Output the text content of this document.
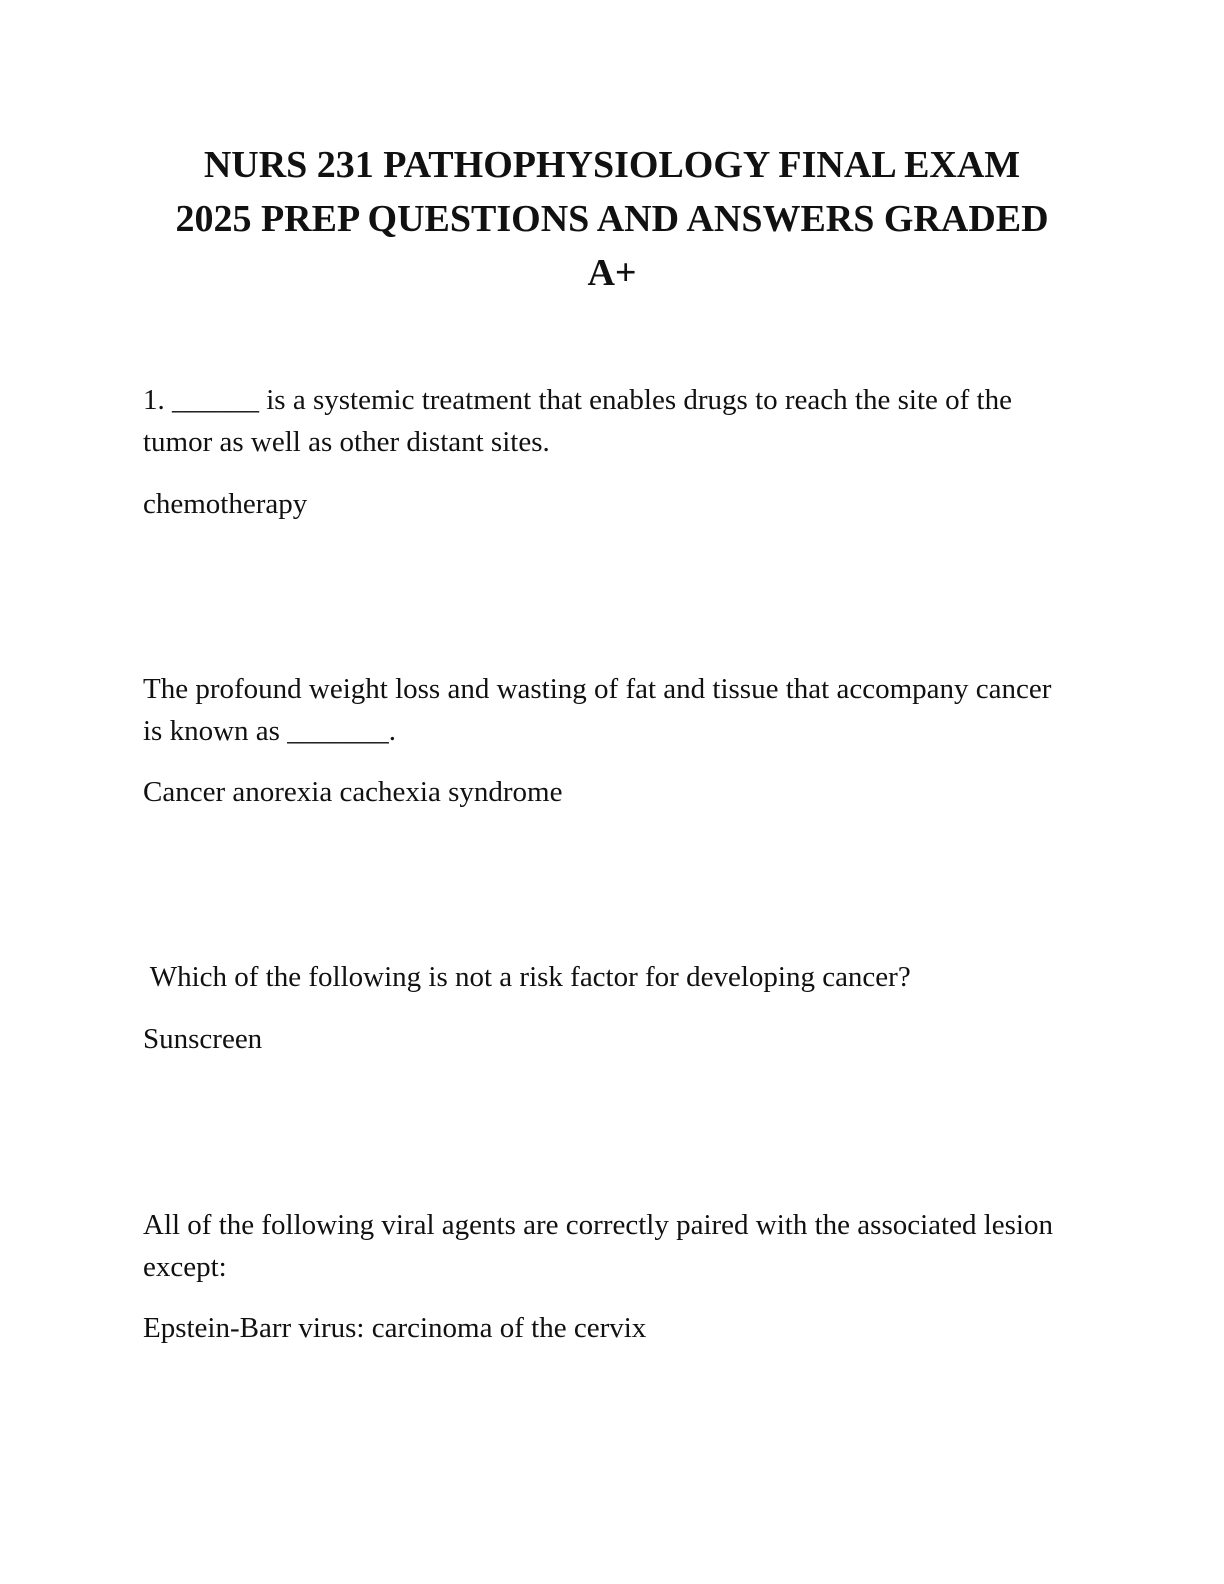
NURS 231 PATHOPHYSIOLOGY FINAL EXAM
2025 PREP QUESTIONS AND ANSWERS GRADED
A+

1. ______ is a systemic treatment that enables drugs to reach the site of the tumor as well as other distant sites.

chemotherapy

The profound weight loss and wasting of fat and tissue that accompany cancer is known as _______.

Cancer anorexia cachexia syndrome

Which of the following is not a risk factor for developing cancer?

Sunscreen

All of the following viral agents are correctly paired with the associated lesion except:

Epstein-Barr virus: carcinoma of the cervix
